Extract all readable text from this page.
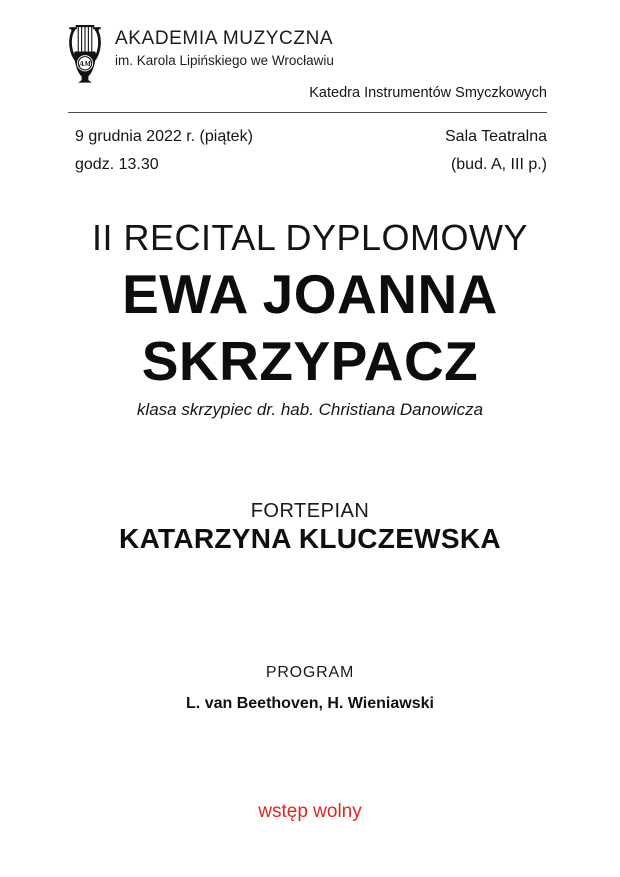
AM
AKADEMIA MUZYCZNA
im. Karola Lipińskiego we Wrocławiu
Katedra Instrumentów Smyczkowych
9 grudnia 2022 r. (piątek)
godz. 13.30
Sala Teatralna
(bud. A, III p.)
II RECITAL DYPLOMOWY
EWA JOANNA
SKRZYPACZ
klasa skrzypiec dr. hab. Christiana Danowicza
FORTEPIAN
KATARZYNA KLUCZEWSKA
PROGRAM
L. van Beethoven, H. Wieniawski
wstęp wolny
